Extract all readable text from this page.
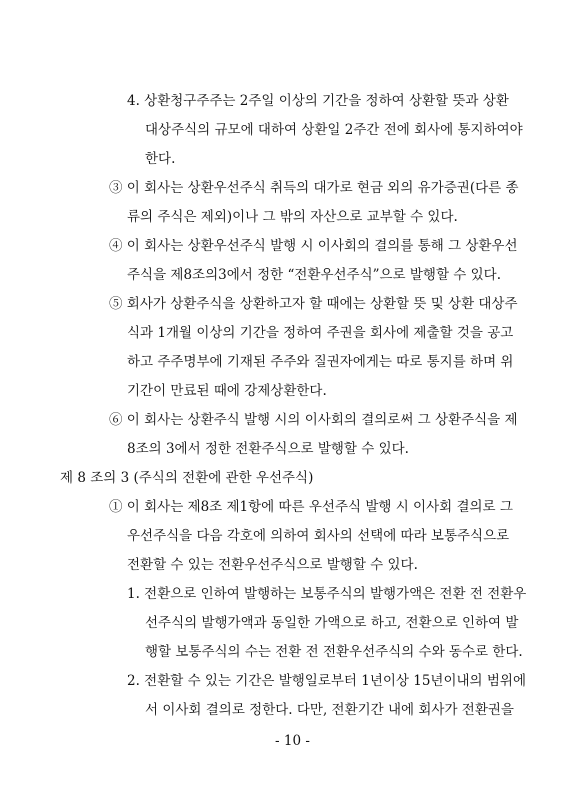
4. 상환청구주주는 2주일 이상의 기간을 정하여 상환할 뜻과 상환
대상주식의 규모에 대하여 상환일 2주간 전에 회사에 통지하여야
한다.
③ 이 회사는 상환우선주식 취득의 대가로 현금 외의 유가증권(다른 종
류의 주식은 제외)이나 그 밖의 자산으로 교부할 수 있다.
④ 이 회사는 상환우선주식 발행 시 이사회의 결의를 통해 그 상환우선
주식을 제8조의3에서 정한 “전환우선주식”으로 발행할 수 있다.
⑤ 회사가 상환주식을 상환하고자 할 때에는 상환할 뜻 및 상환 대상주
식과 1개월 이상의 기간을 정하여 주권을 회사에 제출할 것을 공고
하고 주주명부에 기재된 주주와 질권자에게는 따로 통지를 하며 위
기간이 만료된 때에 강제상환한다.
⑥ 이 회사는 상환주식 발행 시의 이사회의 결의로써 그 상환주식을 제
8조의 3에서 정한 전환주식으로 발행할 수 있다.
제 8 조의 3 (주식의 전환에 관한 우선주식)
① 이 회사는 제8조 제1항에 따른 우선주식 발행 시 이사회 결의로 그
우선주식을 다음 각호에 의하여 회사의 선택에 따라 보통주식으로
전환할 수 있는 전환우선주식으로 발행할 수 있다.
1. 전환으로 인하여 발행하는 보통주식의 발행가액은 전환 전 전환우
선주식의 발행가액과 동일한 가액으로 하고, 전환으로 인하여 발
행할 보통주식의 수는 전환 전 전환우선주식의 수와 동수로 한다.
2. 전환할 수 있는 기간은 발행일로부터 1년이상 15년이내의 범위에
서 이사회 결의로 정한다. 다만, 전환기간 내에 회사가 전환권을
- 10 -
